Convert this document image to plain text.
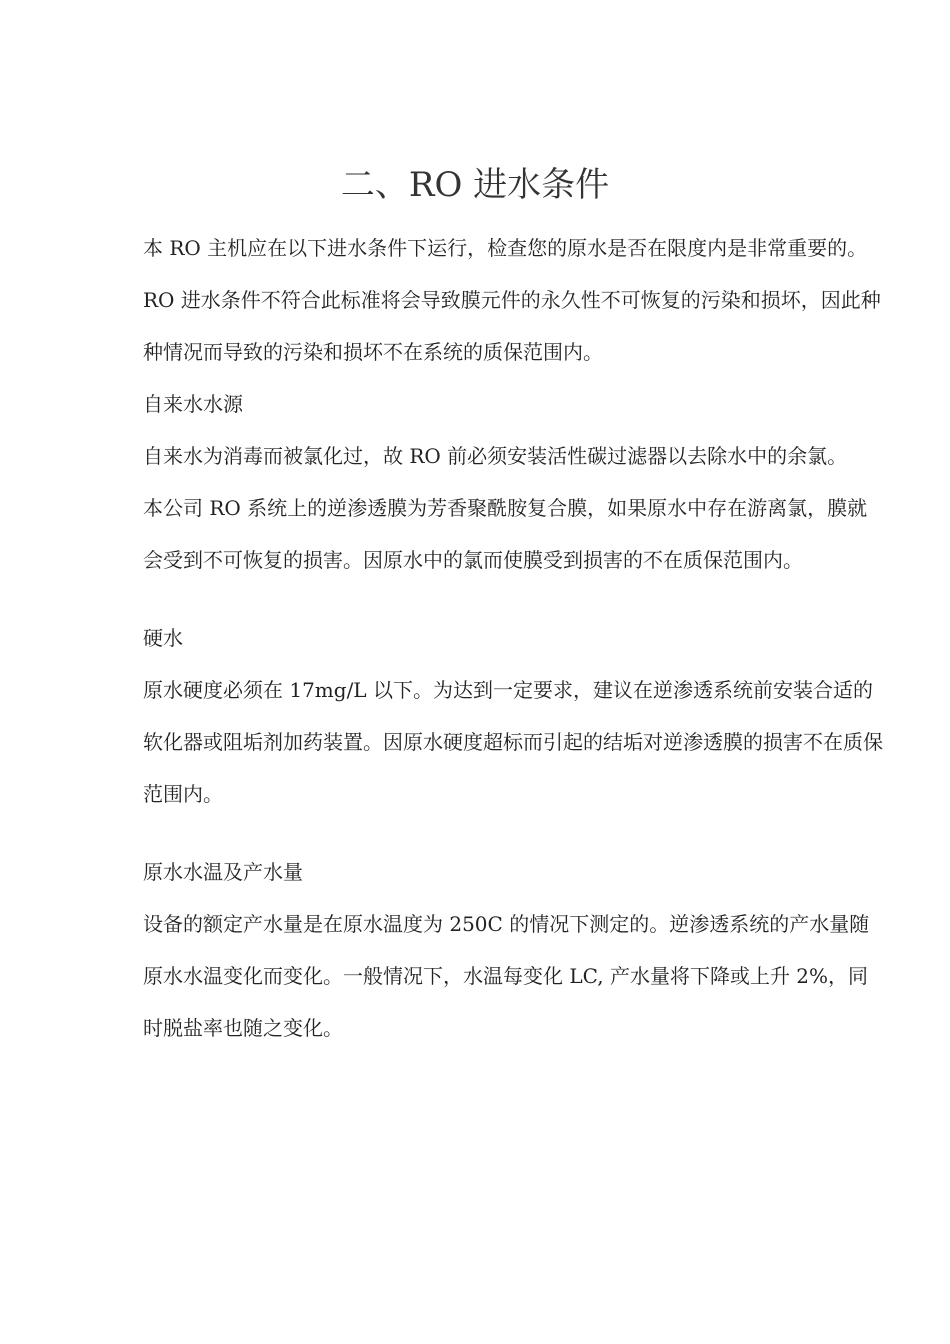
二、RO 进水条件

本 RO 主机应在以下进水条件下运行，检查您的原水是否在限度内是非常重要的。RO 进水条件不符合此标准将会导致膜元件的永久性不可恢复的污染和损坏，因此种种情况而导致的污染和损坏不在系统的质保范围内。

自来水水源

自来水为消毒而被氯化过，故 RO 前必须安装活性碳过滤器以去除水中的余氯。

本公司 RO 系统上的逆渗透膜为芳香聚酰胺复合膜，如果原水中存在游离氯，膜就会受到不可恢复的损害。因原水中的氯而使膜受到损害的不在质保范围内。

硬水

原水硬度必须在 17mg/L 以下。为达到一定要求，建议在逆渗透系统前安装合适的软化器或阻垢剂加药装置。因原水硬度超标而引起的结垢对逆渗透膜的损害不在质保范围内。

原水水温及产水量

设备的额定产水量是在原水温度为 250C 的情况下测定的。逆渗透系统的产水量随原水水温变化而变化。一般情况下，水温每变化 LC, 产水量将下降或上升 2%，同时脱盐率也随之变化。
